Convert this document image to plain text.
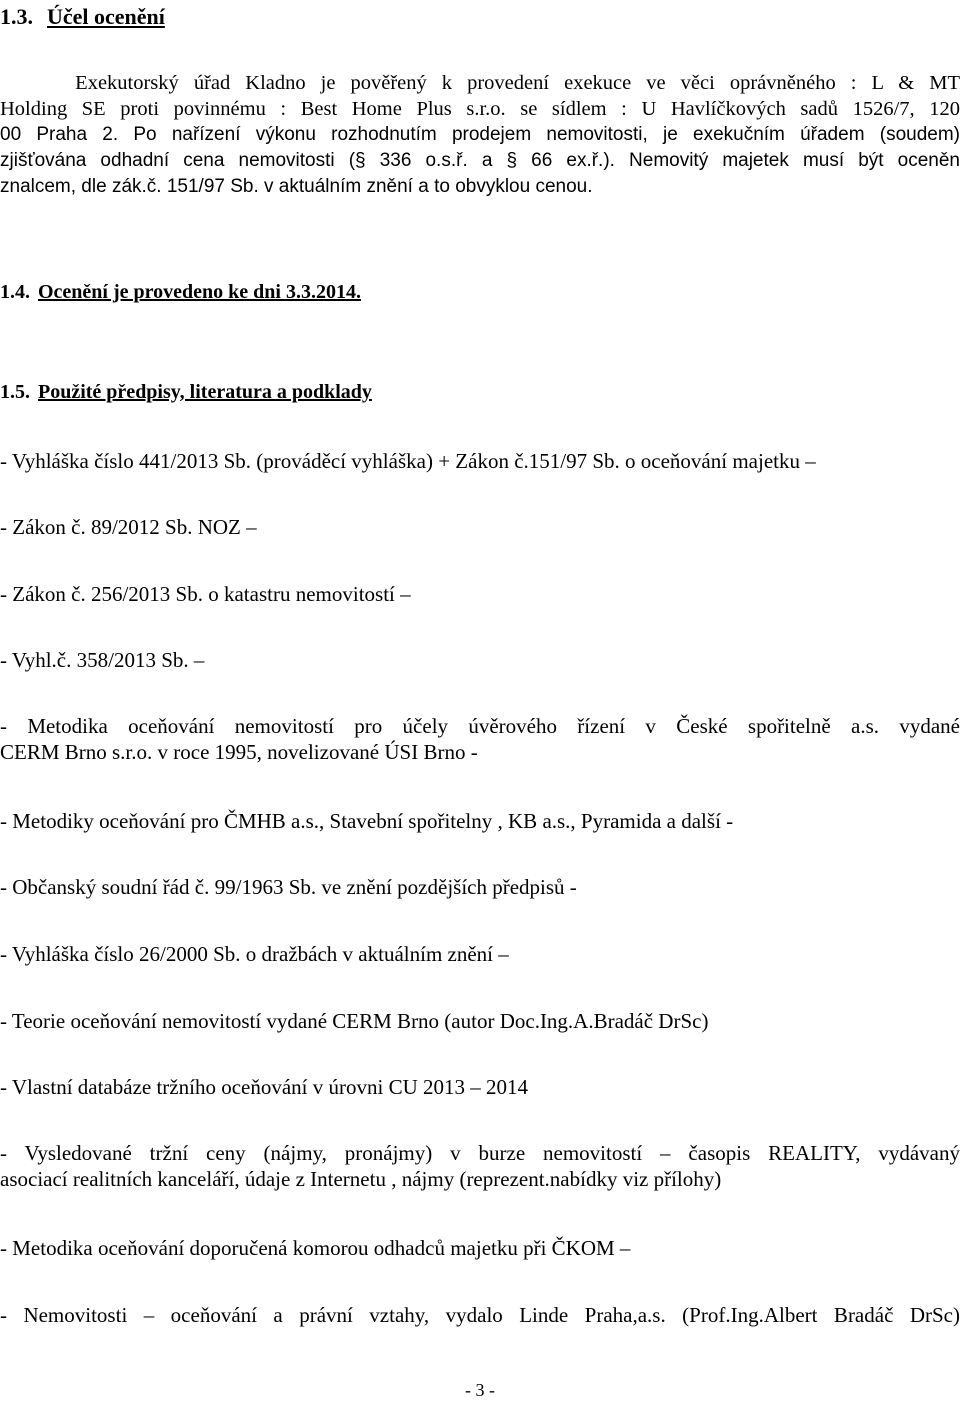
1.3. Účel ocenění
Exekutorský úřad Kladno je pověřený k provedení exekuce ve věci oprávněného : L & MT
Holding SE proti povinnému : Best Home Plus s.r.o. se sídlem : U Havlíčkových sadů 1526/7, 120
00 Praha 2. Po nařízení výkonu rozhodnutím prodejem nemovitosti, je exekučním úřadem (soudem)
zjišťována odhadní cena nemovitosti (§ 336 o.s.ř. a § 66 ex.ř.). Nemovitý majetek musí být oceněn
znalcem, dle zák.č. 151/97 Sb. v aktuálním znění a to obvyklou cenou.
1.4. Ocenění je provedeno ke dni 3.3.2014.
1.5. Použité předpisy, literatura a podklady
- Vyhláška číslo 441/2013 Sb. (prováděcí vyhláška) + Zákon č.151/97 Sb. o oceňování majetku –
- Zákon č. 89/2012 Sb. NOZ –
- Zákon č. 256/2013 Sb. o katastru nemovitostí –
- Vyhl.č. 358/2013 Sb. –
- Metodika oceňování nemovitostí pro účely úvěrového řízení v České spořitelně a.s. vydané
CERM Brno s.r.o. v roce 1995, novelizované ÚSI Brno -
- Metodiky oceňování pro ČMHB a.s., Stavební spořitelny , KB a.s., Pyramida a další -
- Občanský soudní řád č. 99/1963 Sb. ve znění pozdějších předpisů -
- Vyhláška číslo 26/2000 Sb. o dražbách v aktuálním znění –
- Teorie oceňování nemovitostí vydané CERM Brno (autor Doc.Ing.A.Bradáč DrSc)
- Vlastní databáze tržního oceňování v úrovni CU 2013 – 2014
- Vysledované tržní ceny (nájmy, pronájmy) v burze nemovitostí – časopis REALITY, vydávaný
asociací realitních kanceláří, údaje z Internetu , nájmy (reprezent.nabídky viz přílohy)
- Metodika oceňování doporučená komorou odhadců majetku při ČKOM –
- Nemovitosti – oceňování a právní vztahy, vydalo Linde Praha,a.s. (Prof.Ing.Albert Bradáč DrSc)
- 3 -
